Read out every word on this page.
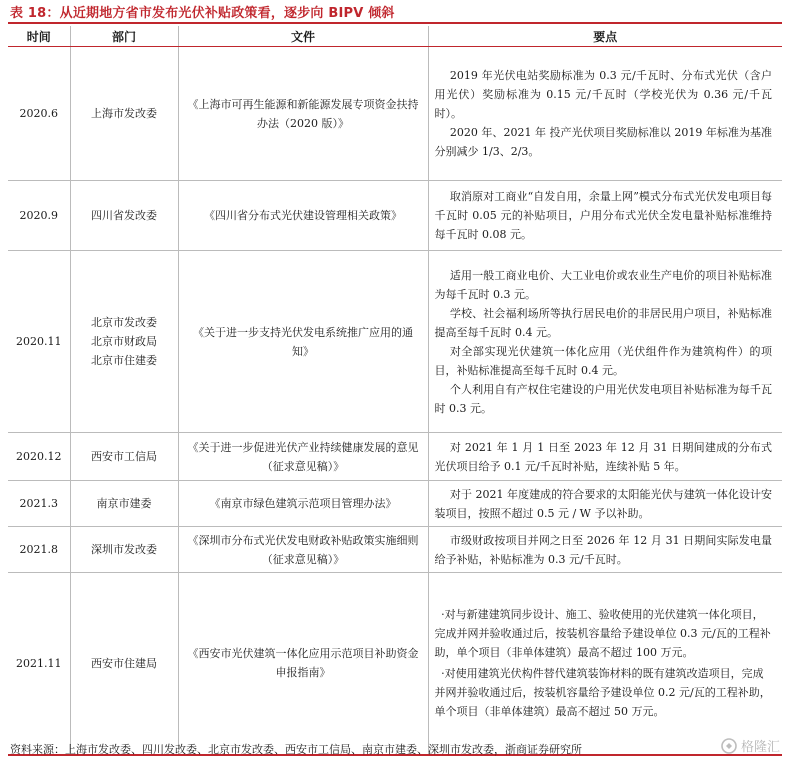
表 18：从近期地方省市发布光伏补贴政策看，逐步向 BIPV 倾斜
时间	部门	文件	要点
2020.6	上海市发改委	《上海市可再生能源和新能源发展专项资金扶持办法（2020 版）》	2019 年光伏电站奖励标准为 0.3 元/千瓦时、分布式光伏（含户用光伏）奖励标准为 0.15 元/千瓦时（学校光伏为 0.36 元/千瓦时）。
2020 年、2021 年 投产光伏项目奖励标准以 2019 年标准为基准分别减少 1/3、2/3。

2020.9	四川省发改委	《四川省分布式光伏建设管理相关政策》	取消原对工商业“自发自用，余量上网”模式分布式光伏发电项目每千瓦时 0.05 元的补贴项目，户用分布式光伏全发电量补贴标准维持每千瓦时 0.08 元。

2020.11	北京市发改委
北京市财政局
北京市住建委	《关于进一步支持光伏发电系统推广应用的通知》	适用一般工商业电价、大工业电价或农业生产电价的项目补贴标准为每千瓦时 0.3 元。
学校、社会福利场所等执行居民电价的非居民用户项目，补贴标准提高至每千瓦时 0.4 元。
对全部实现光伏建筑一体化应用（光伏组件作为建筑构件）的项目，补贴标准提高至每千瓦时 0.4 元。
个人利用自有产权住宅建设的户用光伏发电项目补贴标准为每千瓦时 0.3 元。

2020.12	西安市工信局	《关于进一步促进光伏产业持续健康发展的意见（征求意见稿）》	对 2021 年 1 月 1 日至 2023 年 12 月 31 日期间建成的分布式光伏项目给予 0.1 元/千瓦时补贴，连续补贴 5 年。

2021.3	南京市建委	《南京市绿色建筑示范项目管理办法》	对于 2021 年度建成的符合要求的太阳能光伏与建筑一体化设计安装项目，按照不超过 0.5 元 / W 予以补助。

2021.8	深圳市发改委	《深圳市分布式光伏发电财政补贴政策实施细则（征求意见稿）》	市级财政按项目并网之日至 2026 年 12 月 31 日期间实际发电量给予补贴，补贴标准为 0.3 元/千瓦时。

2021.11	西安市住建局	《西安市光伏建筑一体化应用示范项目补助资金申报指南》	·对与新建建筑同步设计、施工、验收使用的光伏建筑一体化项目，完成并网并验收通过后，按装机容量给予建设单位 0.3 元/瓦的工程补助，单个项目（非单体建筑）最高不超过 100 万元。
·对使用建筑光伏构件替代建筑装饰材料的既有建筑改造项目，完成并网并验收通过后，按装机容量给予建设单位 0.2 元/瓦的工程补助，单个项目（非单体建筑）最高不超过 50 万元。
资料来源：上海市发改委、四川发改委、北京市发改委、西安市工信局、南京市建委、深圳市发改委，浙商证券研究所	格隆汇
